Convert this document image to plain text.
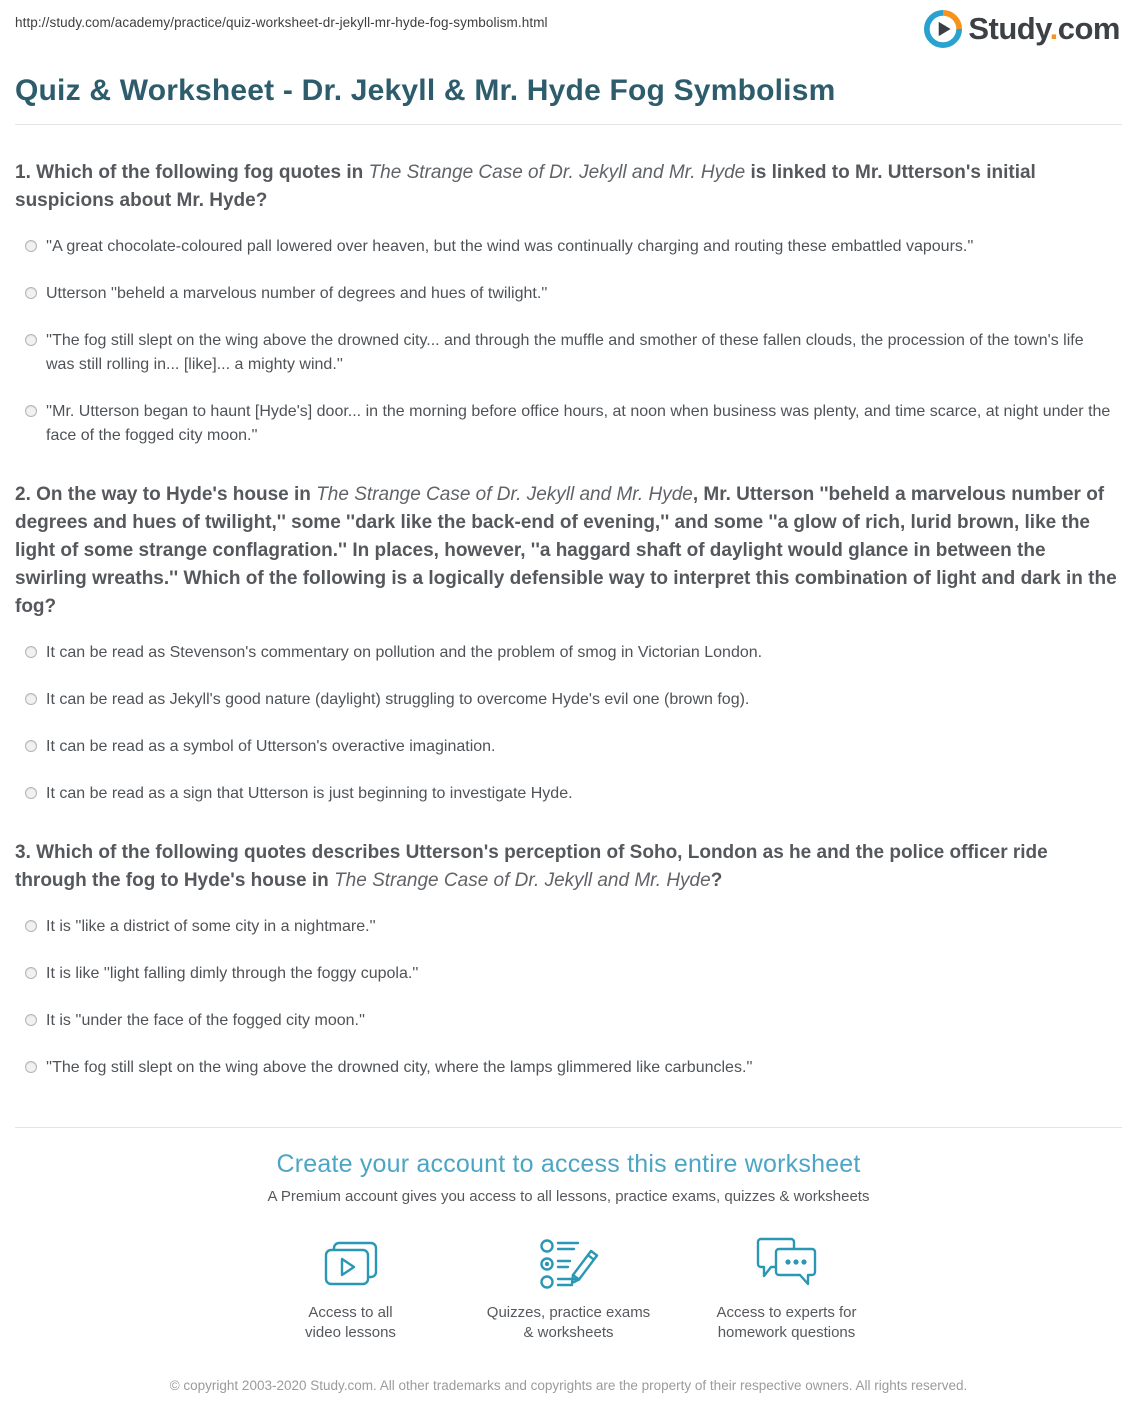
http://study.com/academy/practice/quiz-worksheet-dr-jekyll-mr-hyde-fog-symbolism.html	Study.com
Quiz & Worksheet - Dr. Jekyll & Mr. Hyde Fog Symbolism
1. Which of the following fog quotes in The Strange Case of Dr. Jekyll and Mr. Hyde is linked to Mr. Utterson's initial suspicions about Mr. Hyde?
''A great chocolate-coloured pall lowered over heaven, but the wind was continually charging and routing these embattled vapours.''
Utterson ''beheld a marvelous number of degrees and hues of twilight.''
''The fog still slept on the wing above the drowned city... and through the muffle and smother of these fallen clouds, the procession of the town's life was still rolling in... [like]... a mighty wind.''
''Mr. Utterson began to haunt [Hyde's] door... in the morning before office hours, at noon when business was plenty, and time scarce, at night under the face of the fogged city moon.''
2. On the way to Hyde's house in The Strange Case of Dr. Jekyll and Mr. Hyde, Mr. Utterson ''beheld a marvelous number of degrees and hues of twilight,'' some ''dark like the back-end of evening,'' and some ''a glow of rich, lurid brown, like the light of some strange conflagration.'' In places, however, ''a haggard shaft of daylight would glance in between the swirling wreaths.'' Which of the following is a logically defensible way to interpret this combination of light and dark in the fog?
It can be read as Stevenson's commentary on pollution and the problem of smog in Victorian London.
It can be read as Jekyll's good nature (daylight) struggling to overcome Hyde's evil one (brown fog).
It can be read as a symbol of Utterson's overactive imagination.
It can be read as a sign that Utterson is just beginning to investigate Hyde.
3. Which of the following quotes describes Utterson's perception of Soho, London as he and the police officer ride through the fog to Hyde's house in The Strange Case of Dr. Jekyll and Mr. Hyde?
It is ''like a district of some city in a nightmare.''
It is like ''light falling dimly through the foggy cupola.''
It is ''under the face of the fogged city moon.''
''The fog still slept on the wing above the drowned city, where the lamps glimmered like carbuncles.''
Create your account to access this entire worksheet

A Premium account gives you access to all lessons, practice exams, quizzes & worksheets

Access to all
video lessons
Quizzes, practice exams
& worksheets
Access to experts for
homework questions

© copyright 2003-2020 Study.com. All other trademarks and copyrights are the property of their respective owners. All rights reserved.
